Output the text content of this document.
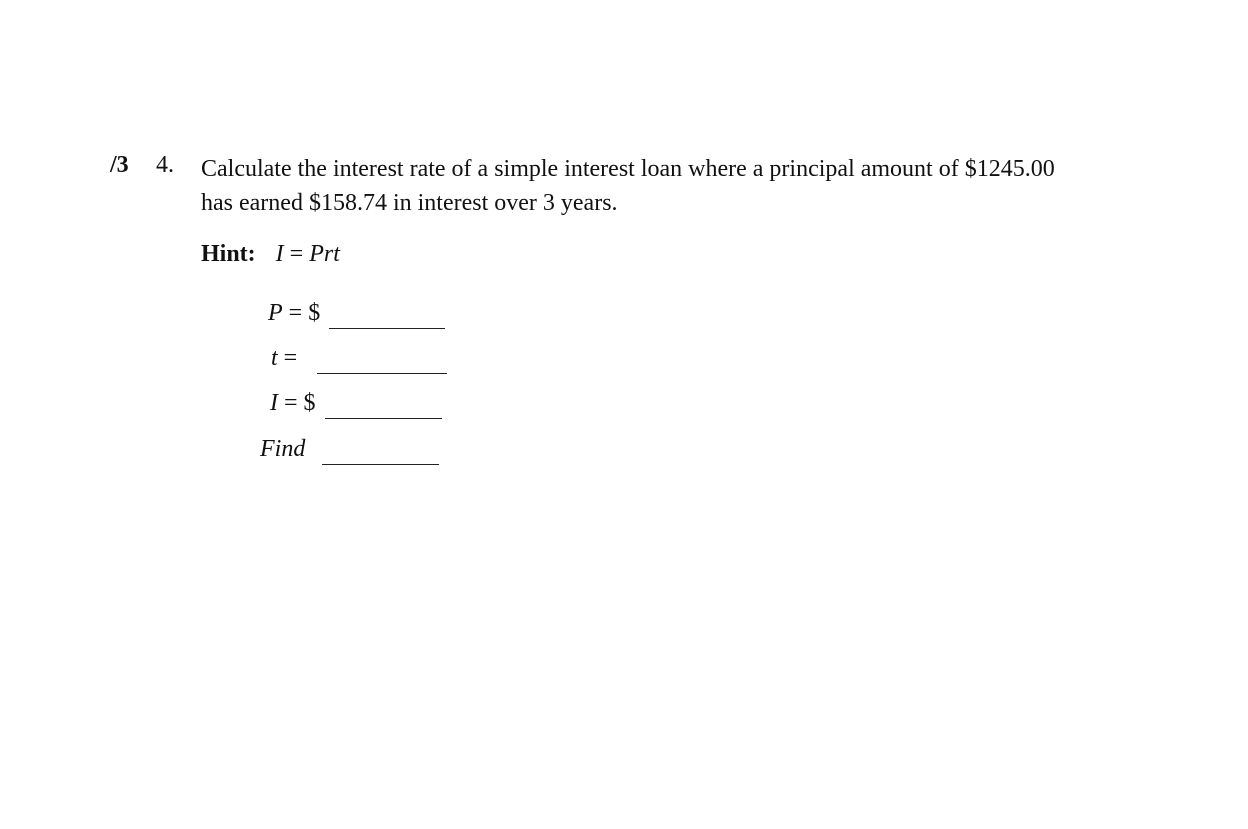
/3 4. Calculate the interest rate of a simple interest loan where a principal amount of $1245.00
has earned $158.74 in interest over 3 years.
Hint: I = Prt
P = $
t =
I = $
Find
